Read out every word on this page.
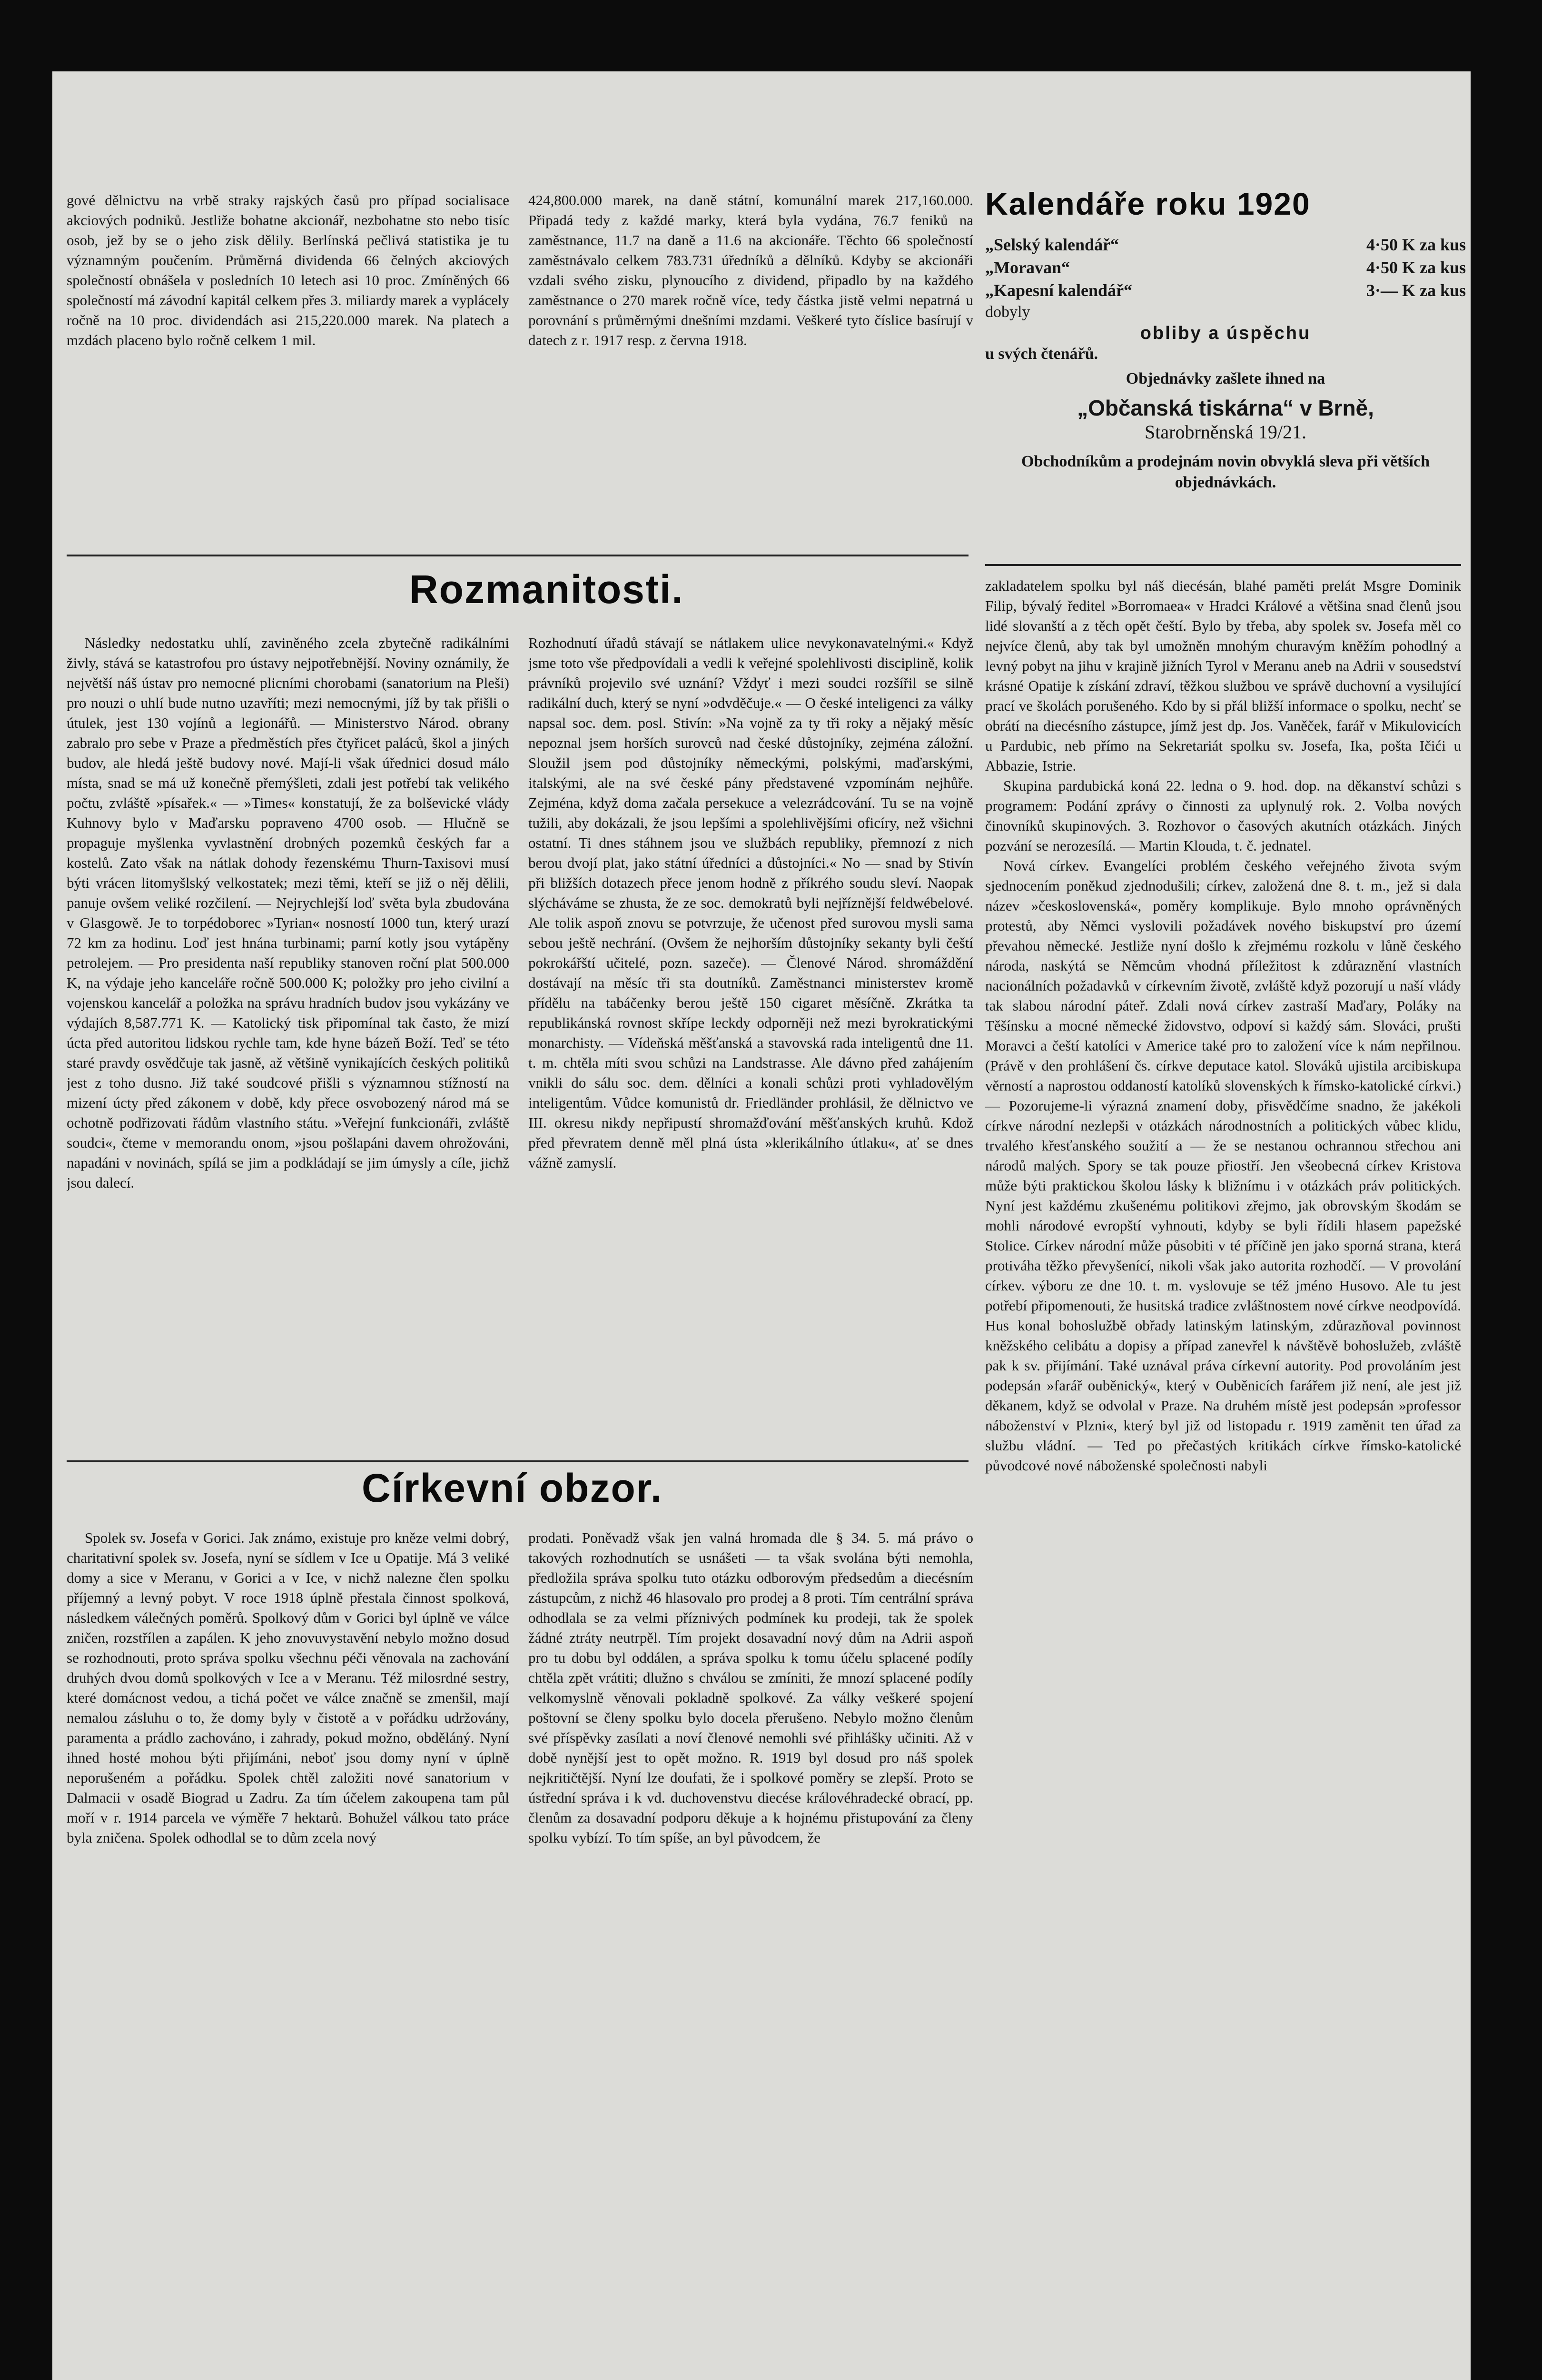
gové dělnictvu na vrbě straky rajských časů pro případ socialisace akciových podniků. Jestliže bohatne akcionář, nezbohatne sto nebo tisíc osob, jež by se o jeho zisk dělily. Berlínská pečlivá statistika je tu významným poučením. Průměrná dividenda 66 čelných akciových společností obnášela v posledních 10 letech asi 10 proc. Zmíněných 66 společností má závodní kapitál celkem přes 3. miliardy marek a vyplácely ročně na 10 proc. dividendách asi 215,220.000 marek. Na platech a mzdách placeno bylo ročně celkem 1 mil.

424,800.000 marek, na daně státní, komunální marek 217,160.000. Připadá tedy z každé marky, která byla vydána, 76.7 feniků na zaměstnance, 11.7 na daně a 11.6 na akcionáře. Těchto 66 společností zaměstnávalo celkem 783.731 úředníků a dělníků. Kdyby se akcionáři vzdali svého zisku, plynoucího z dividend, připadlo by na každého zaměstnance o 270 marek ročně více, tedy částka jistě velmi nepatrná u porovnání s průměrnými dnešními mzdami. Veškeré tyto číslice basírují v datech z r. 1917 resp. z června 1918.

Kalendáře roku 1920
„Selský kalendář“	4·50 K za kus
„Moravan“	4·50 K za kus
„Kapesní kalendář“	3·— K za kus
dobyly
obliby a úspěchu
u svých čtenářů.
Objednávky zašlete ihned na
„Občanská tiskárna“ v Brně,
Starobrněnská 19/21.
Obchodníkům a prodejnám novin obvyklá sleva při větších objednávkách.
Rozmanitosti.

Následky nedostatku uhlí, zaviněného zcela zbytečně radikálními živly, stává se katastrofou pro ústavy nejpotřebnější. Noviny oznámily, že největší náš ústav pro nemocné plicními chorobami (sanatorium na Pleši) pro nouzi o uhlí bude nutno uzavříti; mezi nemocnými, jíž by tak přišli o útulek, jest 130 vojínů a legionářů. — Ministerstvo Národ. obrany zabralo pro sebe v Praze a předměstích přes čtyřicet paláců, škol a jiných budov, ale hledá ještě budovy nové. Mají-li však úřednici dosud málo místa, snad se má už konečně přemýšleti, zdali jest potřebí tak velikého počtu, zvláště »písařek.« — »Times« konstatují, že za bolševické vlády Kuhnovy bylo v Maďarsku popraveno 4700 osob. — Hlučně se propaguje myšlenka vyvlastnění drobných pozemků českých far a kostelů. Zato však na nátlak dohody řezenskému Thurn-Taxisovi musí býti vrácen litomyšlský velkostatek; mezi těmi, kteří se již o něj dělili, panuje ovšem veliké rozčilení. — Nejrychlejší loď světa byla zbudována v Glasgowě. Je to torpédoborec »Tyrian« nosností 1000 tun, který urazí 72 km za hodinu. Loď jest hnána turbinami; parní kotly jsou vytápěny petrolejem. — Pro presidenta naší republiky stanoven roční plat 500.000 K, na výdaje jeho kanceláře ročně 500.000 K; položky pro jeho civilní a vojenskou kancelář a položka na správu hradních budov jsou vykázány ve výdajích 8,587.771 K. — Katolický tisk připomínal tak často, že mizí úcta před autoritou lidskou rychle tam, kde hyne bázeň Boží. Teď se této staré pravdy osvědčuje tak jasně, až většině vynikajících českých politiků jest z toho dusno. Již také soudcové přišli s významnou stížností na mizení úcty před zákonem v době, kdy přece osvobozený národ má se ochotně podřizovati řádům vlastního státu. »Veřejní funkcionáři, zvláště soudci«, čteme v memorandu onom, »jsou pošlapáni davem ohrožováni, napadáni v novinách, spílá se jim a podkládají se jim úmysly a cíle, jichž jsou dalecí.

Rozhodnutí úřadů stávají se nátlakem ulice nevykonavatelnými.« Když jsme toto vše předpovídali a vedli k veřejné spolehlivosti disciplině, kolik právníků projevilo své uznání? Vždyť i mezi soudci rozšířil se silně radikální duch, který se nyní »odvděčuje.« — O české inteligenci za války napsal soc. dem. posl. Stivín: »Na vojně za ty tři roky a nějaký měsíc nepoznal jsem horších surovců nad české důstojníky, zejména záložní. Sloužil jsem pod důstojníky německými, polskými, maďarskými, italskými, ale na své české pány představené vzpomínám nejhůře. Zejména, když doma začala persekuce a velezrádcování. Tu se na vojně tužili, aby dokázali, že jsou lepšími a spolehlivějšími oficíry, než všichni ostatní. Ti dnes stáhnem jsou ve službách republiky, přemnozí z nich berou dvojí plat, jako státní úředníci a důstojníci.« No — snad by Stivín při bližších dotazech přece jenom hodně z příkrého soudu sleví. Naopak slýcháváme se zhusta, že ze soc. demokratů byli nejříznější feldwébelové. Ale tolik aspoň znovu se potvrzuje, že učenost před surovou mysli sama sebou ještě nechrání. (Ovšem že nejhorším důstojníky sekanty byli čeští pokrokářští učitelé, pozn. sazeče). — Členové Národ. shromáždění dostávají na měsíc tři sta doutníků. Zaměstnanci ministerstev kromě přídělu na tabáčenky berou ještě 150 cigaret měsíčně. Zkrátka ta republikánská rovnost skřípe leckdy odporněji než mezi byrokratickými monarchisty. — Vídeňská měšťanská a stavovská rada inteligentů dne 11. t. m. chtěla míti svou schůzi na Landstrasse. Ale dávno před zahájením vnikli do sálu soc. dem. dělníci a konali schůzi proti vyhladovělým inteligentům. Vůdce komunistů dr. Friedländer prohlásil, že dělnictvo ve III. okresu nikdy nepřipustí shromažďování měšťanských kruhů. Kdož před převratem denně měl plná ústa »klerikálního útlaku«, ať se dnes vážně zamyslí.

zakladatelem spolku byl náš diecésán, blahé paměti prelát Msgre Dominik Filip, bývalý ředitel »Borromaea« v Hradci Králové a většina snad členů jsou lidé slovanští a z těch opět čeští. Bylo by třeba, aby spolek sv. Josefa měl co nejvíce členů, aby tak byl umožněn mnohým churavým kněžím pohodlný a levný pobyt na jihu v krajině jižních Tyrol v Meranu aneb na Adrii v sousedství krásné Opatije k získání zdraví, těžkou službou ve správě duchovní a vysilující prací ve školách porušeného. Kdo by si přál bližší informace o spolku, nechť se obrátí na diecésního zástupce, jímž jest dp. Jos. Vaněček, farář v Mikulovicích u Pardubic, neb přímo na Sekretariát spolku sv. Josefa, Ika, pošta Ičići u Abbazie, Istrie.

Skupina pardubická koná 22. ledna o 9. hod. dop. na děkanství schůzi s programem: Podání zprávy o činnosti za uplynulý rok. 2. Volba nových činovníků skupinových. 3. Rozhovor o časových akutních otázkách. Jiných pozvání se nerozesílá. — Martin Klouda, t. č. jednatel.

Nová církev. Evangelíci problém českého veřejného života svým sjednocením poněkud zjednodušili; církev, založená dne 8. t. m., jež si dala název »československá«, poměry komplikuje. Bylo mnoho oprávněných protestů, aby Němci vyslovili požadávek nového biskupství pro území převahou německé. Jestliže nyní došlo k zřejmému rozkolu v lůně českého národa, naskýtá se Němcům vhodná příležitost k zdůraznění vlastních nacionálních požadavků v církevním životě, zvláště když pozorují u naší vlády tak slabou národní páteř. Zdali nová církev zastraší Maďary, Poláky na Těšínsku a mocné německé židovstvo, odpoví si každý sám. Slováci, prušti Moravci a čeští katolíci v Americe také pro to založení více k nám nepřilnou. (Právě v den prohlášení čs. církve deputace katol. Slováků ujistila arcibiskupa věrností a naprostou oddaností katolíků slovenských k římsko-katolické církvi.) — Pozorujeme-li výrazná znamení doby, přisvědčíme snadno, že jakékoli církve národní nezlepši v otázkách národnostních a politických vůbec klidu, trvalého křesťanského soužití a — že se nestanou ochrannou střechou ani národů malých. Spory se tak pouze přiostří. Jen všeobecná církev Kristova může býti praktickou školou lásky k bližnímu i v otázkách práv politických. Nyní jest každému zkušenému politikovi zřejmo, jak obrovským škodám se mohli národové evropští vyhnouti, kdyby se byli řídili hlasem papežské Stolice. Církev národní může působiti v té příčině jen jako sporná strana, která protiváha těžko převyšenící, nikoli však jako autorita rozhodčí. — V provolání církev. výboru ze dne 10. t. m. vyslovuje se též jméno Husovo. Ale tu jest potřebí připomenouti, že husitská tradice zvláštnostem nové církve neodpovídá. Hus konal bohoslužbě obřady latinským latinským, zdůrazňoval povinnost kněžského celibátu a dopisy a případ zanevřel k návštěvě bohoslužeb, zvláště pak k sv. přijímání. Také uznával práva církevní autority. Pod provoláním jest podepsán »farář ouběnický«, který v Ouběnicích farářem již není, ale jest již děkanem, když se odvolal v Praze. Na druhém místě jest podepsán »professor náboženství v Plzni«, který byl již od listopadu r. 1919 zaměnit ten úřad za službu vládní. — Ted po přečastých kritikách církve římsko-katolické původcové nové náboženské společnosti nabyli

Církevní obzor.

Spolek sv. Josefa v Gorici. Jak známo, existuje pro kněze velmi dobrý, charitativní spolek sv. Josefa, nyní se sídlem v Ice u Opatije. Má 3 veliké domy a sice v Meranu, v Gorici a v Ice, v nichž nalezne člen spolku příjemný a levný pobyt. V roce 1918 úplně přestala činnost spolková, následkem válečných poměrů. Spolkový dům v Gorici byl úplně ve válce zničen, rozstřílen a zapálen. K jeho znovuvystavění nebylo možno dosud se rozhodnouti, proto správa spolku všechnu péči věnovala na zachování druhých dvou domů spolkových v Ice a v Meranu. Též milosrdné sestry, které domácnost vedou, a tichá počet ve válce značně se zmenšil, mají nemalou zásluhu o to, že domy byly v čistotě a v pořádku udržovány, paramenta a prádlo zachováno, i zahrady, pokud možno, obděláný. Nyní ihned hosté mohou býti přijímáni, neboť jsou domy nyní v úplně neporušeném a pořádku. Spolek chtěl založiti nové sanatorium v Dalmacii v osadě Biograd u Zadru. Za tím účelem zakoupena tam půl moří v r. 1914 parcela ve výměře 7 hektarů. Bohužel válkou tato práce byla zničena. Spolek odhodlal se to dům zcela nový

prodati. Poněvadž však jen valná hromada dle § 34. 5. má právo o takových rozhodnutích se usnášeti — ta však svolána býti nemohla, předložila správa spolku tuto otázku odborovým předsedům a diecésním zástupcům, z nichž 46 hlasovalo pro prodej a 8 proti. Tím centrální správa odhodlala se za velmi příznivých podmínek ku prodeji, tak že spolek žádné ztráty neutrpěl. Tím projekt dosavadní nový dům na Adrii aspoň pro tu dobu byl oddálen, a správa spolku k tomu účelu splacené podíly chtěla zpět vrátiti; dlužno s chválou se zmíniti, že mnozí splacené podíly velkomyslně věnovali pokladně spolkové. Za války veškeré spojení poštovní se členy spolku bylo docela přerušeno. Nebylo možno členům své příspěvky zasílati a noví členové nemohli své přihlášky učiniti. Až v době nynější jest to opět možno. R. 1919 byl dosud pro náš spolek nejkritičtější. Nyní lze doufati, že i spolkové poměry se zlepší. Proto se ústřední správa i k vd. duchovenstvu diecése královéhradecké obrací, pp. členům za dosavadní podporu děkuje a k hojnému přistupování za členy spolku vybízí. To tím spíše, an byl původcem, že
